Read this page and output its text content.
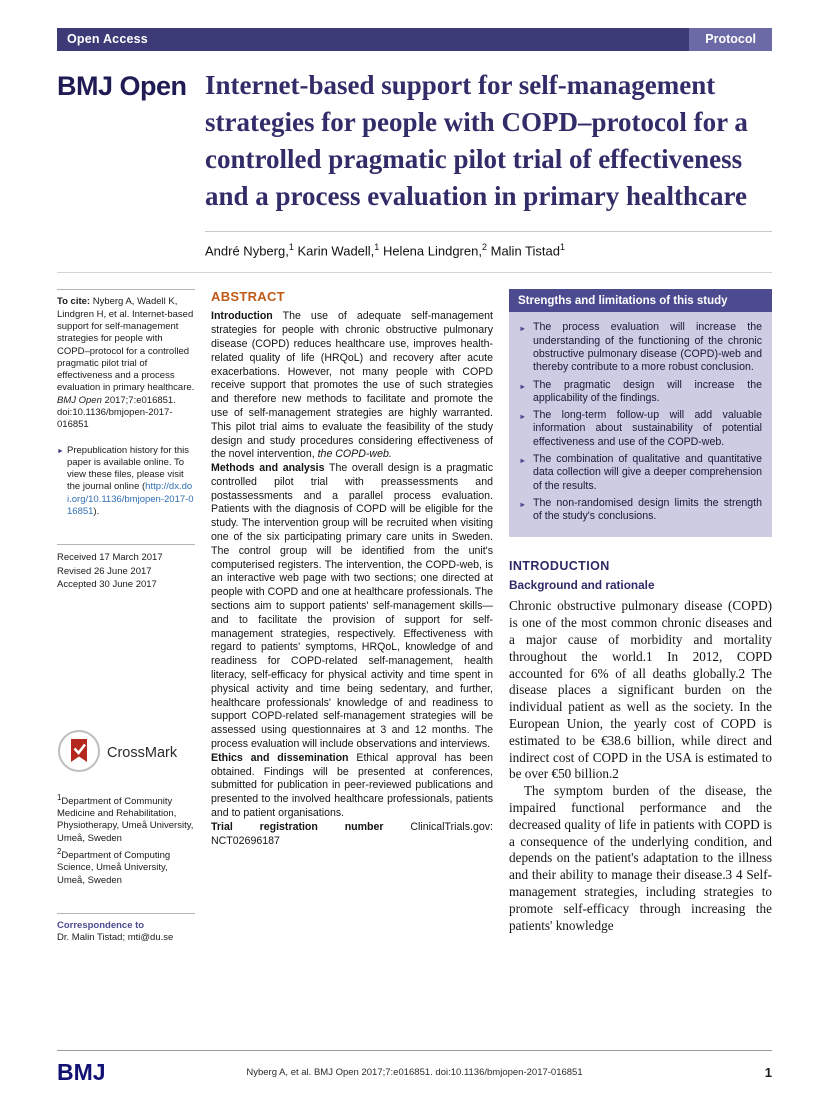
Open Access	Protocol
BMJ Open Internet-based support for self-management strategies for people with COPD–protocol for a controlled pragmatic pilot trial of effectiveness and a process evaluation in primary healthcare
André Nyberg,$^1$ Karin Wadell,$^1$ Helena Lindgren,$^2$ Malin Tistad$^1$

To cite: Nyberg A, Wadell K, Lindgren H, et al. Internet-based support for self-management strategies for people with COPD–protocol for a controlled pragmatic pilot trial of effectiveness and a process evaluation in primary healthcare. BMJ Open 2017;7:e016851. doi:10.1136/bmjopen-2017-016851

► Prepublication history for this paper is available online. To view these files, please visit the journal online (http://dx.doi.org/10.1136/bmjopen-2017-016851).

Received 17 March 2017

Revised 26 June 2017

Accepted 30 June 2017

CrossMark

$^1$Department of Community Medicine and Rehabilitation, Physiotherapy, Umeå University, Umeå, Sweden

$^2$Department of Computing Science, Umeå University, Umeå, Sweden

Correspondence to

Dr. Malin Tistad; mti@du.se

ABSTRACT

Introduction The use of adequate self-management strategies for people with chronic obstructive pulmonary disease (COPD) reduces healthcare use, improves health-related quality of life (HRQoL) and recovery after acute exacerbations. However, not many people with COPD receive support that promotes the use of such strategies and therefore new methods to facilitate and promote the use of self-management strategies are highly warranted. This pilot trial aims to evaluate the feasibility of the study design and study procedures considering effectiveness of the novel intervention, the COPD-web.

Methods and analysis The overall design is a pragmatic controlled pilot trial with preassessments and postassessments and a parallel process evaluation. Patients with the diagnosis of COPD will be eligible for the study. The intervention group will be recruited when visiting one of the six participating primary care units in Sweden. The control group will be identified from the unit's computerised registers. The intervention, the COPD-web, is an interactive web page with two sections; one directed at people with COPD and one at healthcare professionals. The sections aim to support patients' self-management skills—and to facilitate the provision of support for self-management strategies, respectively. Effectiveness with regard to patients' symptoms, HRQoL, knowledge of and readiness for COPD-related self-management, health literacy, self-efficacy for physical activity and time spent in physical activity and time being sedentary, and further, healthcare professionals' knowledge of and readiness to support COPD-related self-management strategies will be assessed using questionnaires at 3 and 12 months. The process evaluation will include observations and interviews.

Ethics and dissemination Ethical approval has been obtained. Findings will be presented at conferences, submitted for publication in peer-reviewed publications and presented to the involved healthcare professionals, patients and to patient organisations.

Trial registration number	ClinicalTrials.gov: NCT02696187

Strengths and limitations of this study
► The process evaluation will increase the understanding of the functioning of the chronic obstructive pulmonary disease (COPD)-web and thereby contribute to a more robust conclusion.
► The pragmatic design will increase the applicability of the findings.
► The long-term follow-up will add valuable information about sustainability of potential effectiveness and use of the COPD-web.
► The combination of qualitative and quantitative data collection will give a deeper comprehension of the results.
► The non-randomised design limits the strength of the study's conclusions.
INTRODUCTION
Background and rationale

Chronic obstructive pulmonary disease (COPD) is one of the most common chronic diseases and a major cause of morbidity and mortality throughout the world.1 In 2012, COPD accounted for 6% of all deaths globally.2 The disease places a significant burden on the individual patient as well as the society. In the European Union, the yearly cost of COPD is estimated to be €38.6 billion, while direct and indirect cost of COPD in the USA is estimated to be over €50 billion.2

The symptom burden of the disease, the impaired functional performance and the decreased quality of life in patients with COPD is a consequence of the underlying condition, and depends on the patient's adaptation to the illness and their ability to manage their disease.3 4 Self-management strategies, including strategies to promote self-efficacy through increasing the patients' knowledge

BMJ	Nyberg A, et al. BMJ Open 2017;7:e016851. doi:10.1136/bmjopen-2017-016851	1
